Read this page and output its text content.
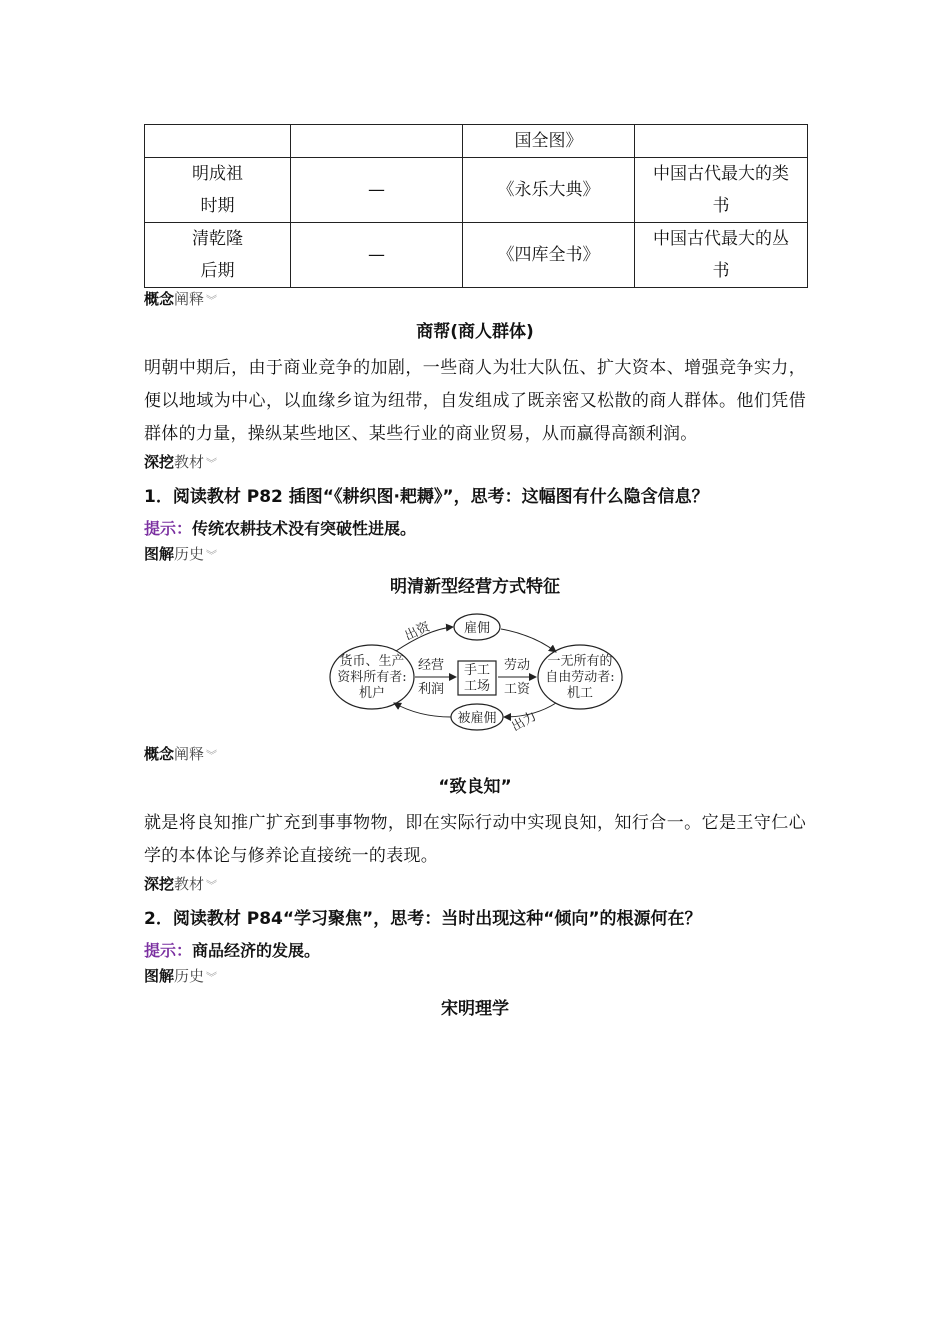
		国全图》	
明成祖
时期	—	《永乐大典》	中国古代最大的类
书
清乾隆
后期	—	《四库全书》	中国古代最大的丛
书
概念阐释 ︾
商帮(商人群体)
明朝中期后，由于商业竞争的加剧，一些商人为壮大队伍、扩大资本、增强竞争实力，便以地域为中心，以血缘乡谊为纽带，自发组成了既亲密又松散的商人群体。他们凭借群体的力量，操纵某些地区、某些行业的商业贸易，从而赢得高额利润。
深挖教材 ︾
1．阅读教材 P82 插图“《耕织图·耙耨》”，思考：这幅图有什么隐含信息？
提示：传统农耕技术没有突破性进展。
图解历史 ︾
明清新型经营方式特征
货币、生产
资料所有者:
机户
一无所有的
自由劳动者:
机工
雇佣
被雇佣
手工
工场
经营
利润
劳动
工资
出资
出力
概念阐释 ︾
“致良知”
就是将良知推广扩充到事事物物，即在实际行动中实现良知，知行合一。它是王守仁心学的本体论与修养论直接统一的表现。
深挖教材 ︾
2．阅读教材 P84“学习聚焦”，思考：当时出现这种“倾向”的根源何在？
提示：商品经济的发展。
图解历史 ︾
宋明理学
